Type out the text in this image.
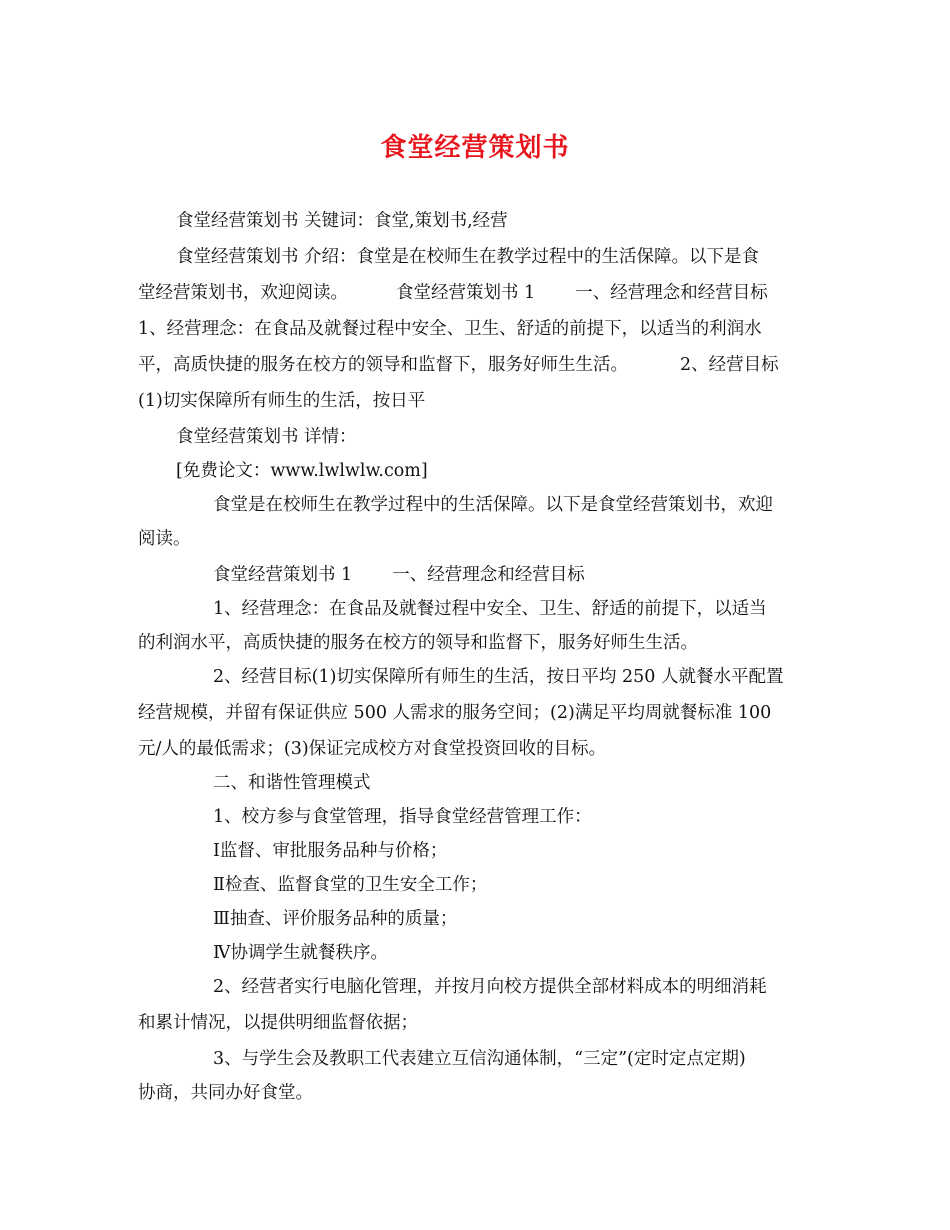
食堂经营策划书

食堂经营策划书 关键词：食堂,策划书,经营

食堂经营策划书 介绍：食堂是在校师生在教学过程中的生活保障。以下是食

堂经营策划书，欢迎阅读。	食堂经营策划书 1 一、经营理念和经营目标

1、经营理念：在食品及就餐过程中安全、卫生、舒适的前提下，以适当的利润水

平，高质快捷的服务在校方的领导和监督下，服务好师生生活。	2、经营目标

(1)切实保障所有师生的生活，按日平

食堂经营策划书 详情：

[免费论文：www.lwlwlw.com]

食堂是在校师生在教学过程中的生活保障。以下是食堂经营策划书，欢迎

阅读。

食堂经营策划书 1 一、经营理念和经营目标

1、经营理念：在食品及就餐过程中安全、卫生、舒适的前提下，以适当

的利润水平，高质快捷的服务在校方的领导和监督下，服务好师生生活。

2、经营目标(1)切实保障所有师生的生活，按日平均 250 人就餐水平配置

经营规模，并留有保证供应 500 人需求的服务空间；(2)满足平均周就餐标准 100

元/人的最低需求；(3)保证完成校方对食堂投资回收的目标。

二、和谐性管理模式

1、校方参与食堂管理，指导食堂经营管理工作：

Ⅰ监督、审批服务品种与价格；

Ⅱ检查、监督食堂的卫生安全工作；

Ⅲ抽查、评价服务品种的质量；

Ⅳ协调学生就餐秩序。

2、经营者实行电脑化管理，并按月向校方提供全部材料成本的明细消耗

和累计情况，以提供明细监督依据；

3、与学生会及教职工代表建立互信沟通体制，“三定”(定时定点定期)

协商，共同办好食堂。
